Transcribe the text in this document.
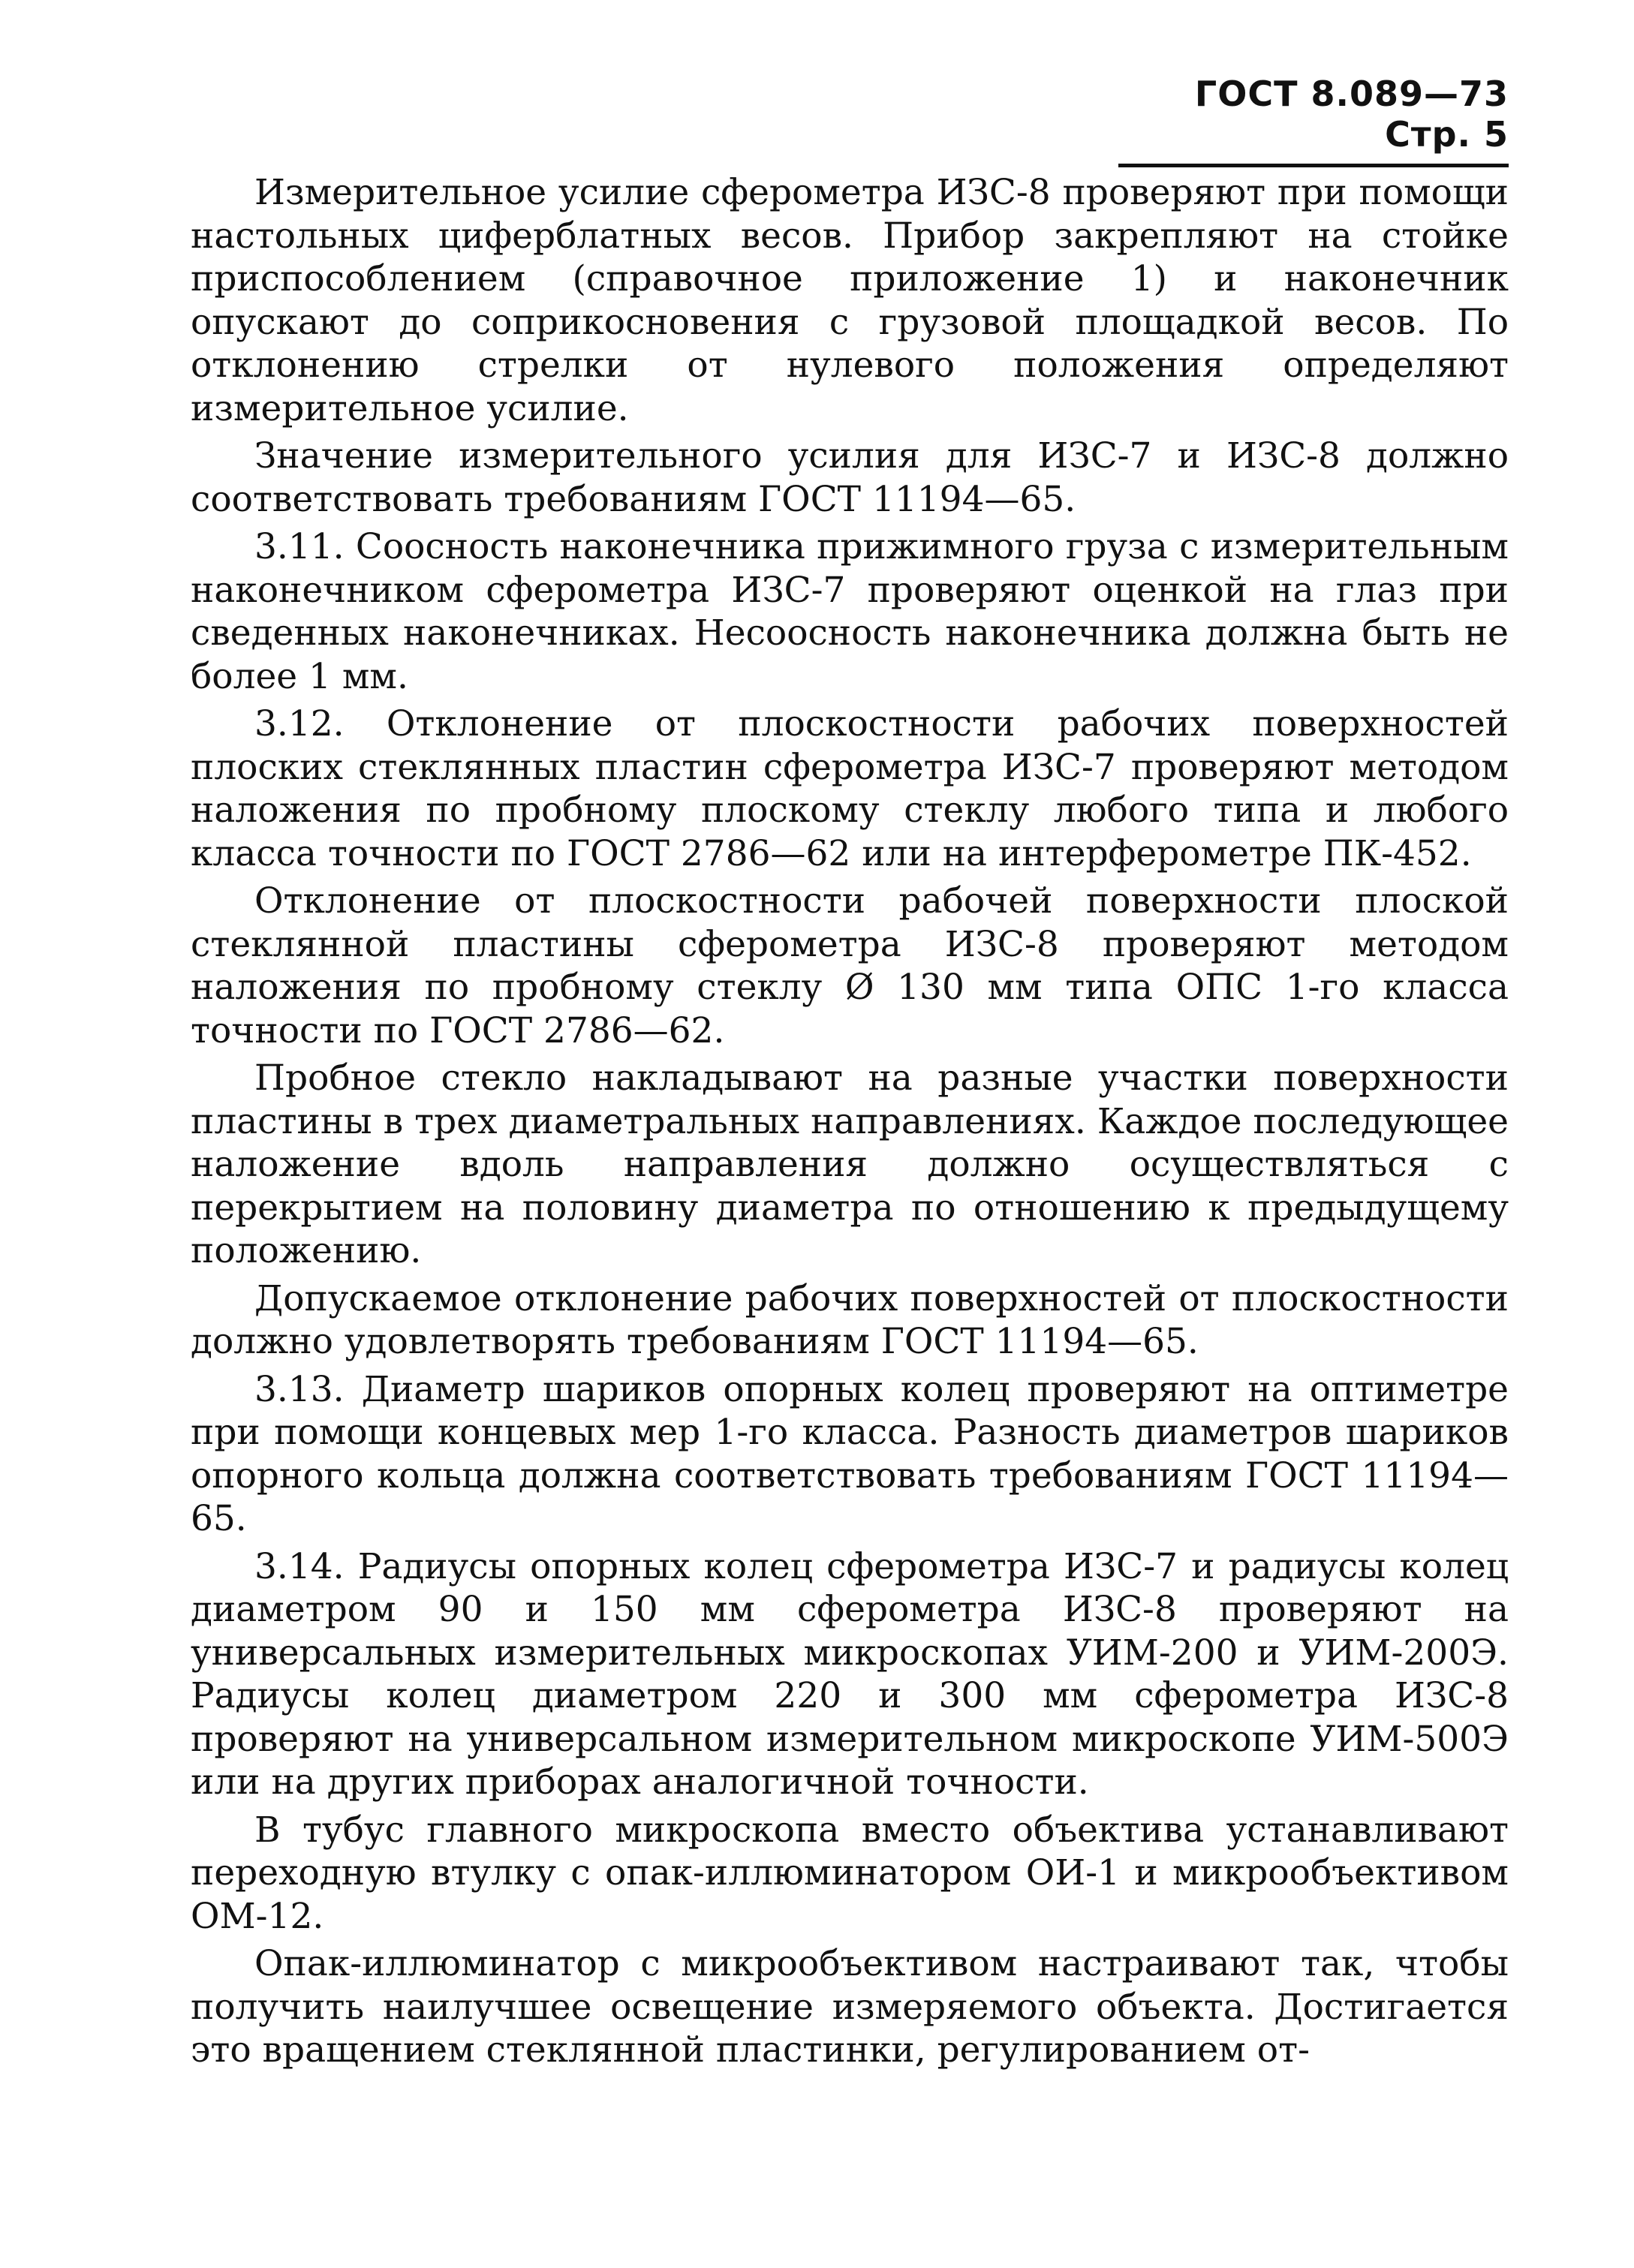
ГОСТ 8.089—73 Стр. 5

Измерительное усилие сферометра ИЗС-8 проверяют при помощи настольных циферблатных весов. Прибор закрепляют на стойке приспособлением (справочное приложение 1) и наконечник опускают до соприкосновения с грузовой площадкой весов. По отклонению стрелки от нулевого положения определяют измерительное усилие.

Значение измерительного усилия для ИЗС-7 и ИЗС-8 должно соответствовать требованиям ГОСТ 11194—65.

3.11. Соосность наконечника прижимного груза с измерительным наконечником сферометра ИЗС-7 проверяют оценкой на глаз при сведенных наконечниках. Несоосность наконечника должна быть не более 1 мм.

3.12. Отклонение от плоскостности рабочих поверхностей плоских стеклянных пластин сферометра ИЗС-7 проверяют методом наложения по пробному плоскому стеклу любого типа и любого класса точности по ГОСТ 2786—62 или на интерферометре ПК-452.

Отклонение от плоскостности рабочей поверхности плоской стеклянной пластины сферометра ИЗС-8 проверяют методом наложения по пробному стеклу Ø 130 мм типа ОПС 1-го класса точности по ГОСТ 2786—62.

Пробное стекло накладывают на разные участки поверхности пластины в трех диаметральных направлениях. Каждое последующее наложение вдоль направления должно осуществляться с перекрытием на половину диаметра по отношению к предыдущему положению.

Допускаемое отклонение рабочих поверхностей от плоскостности должно удовлетворять требованиям ГОСТ 11194—65.

3.13. Диаметр шариков опорных колец проверяют на оптиметре при помощи концевых мер 1-го класса. Разность диаметров шариков опорного кольца должна соответствовать требованиям ГОСТ 11194—65.

3.14. Радиусы опорных колец сферометра ИЗС-7 и радиусы колец диаметром 90 и 150 мм сферометра ИЗС-8 проверяют на универсальных измерительных микроскопах УИМ-200 и УИМ-200Э. Радиусы колец диаметром 220 и 300 мм сферометра ИЗС-8 проверяют на универсальном измерительном микроскопе УИМ-500Э или на других приборах аналогичной точности.

В тубус главного микроскопа вместо объектива устанавливают переходную втулку с опак-иллюминатором ОИ-1 и микрообъективом ОМ-12.

Опак-иллюминатор с микрообъективом настраивают так, чтобы получить наилучшее освещение измеряемого объекта. Достигается это вращением стеклянной пластинки, регулированием от-
